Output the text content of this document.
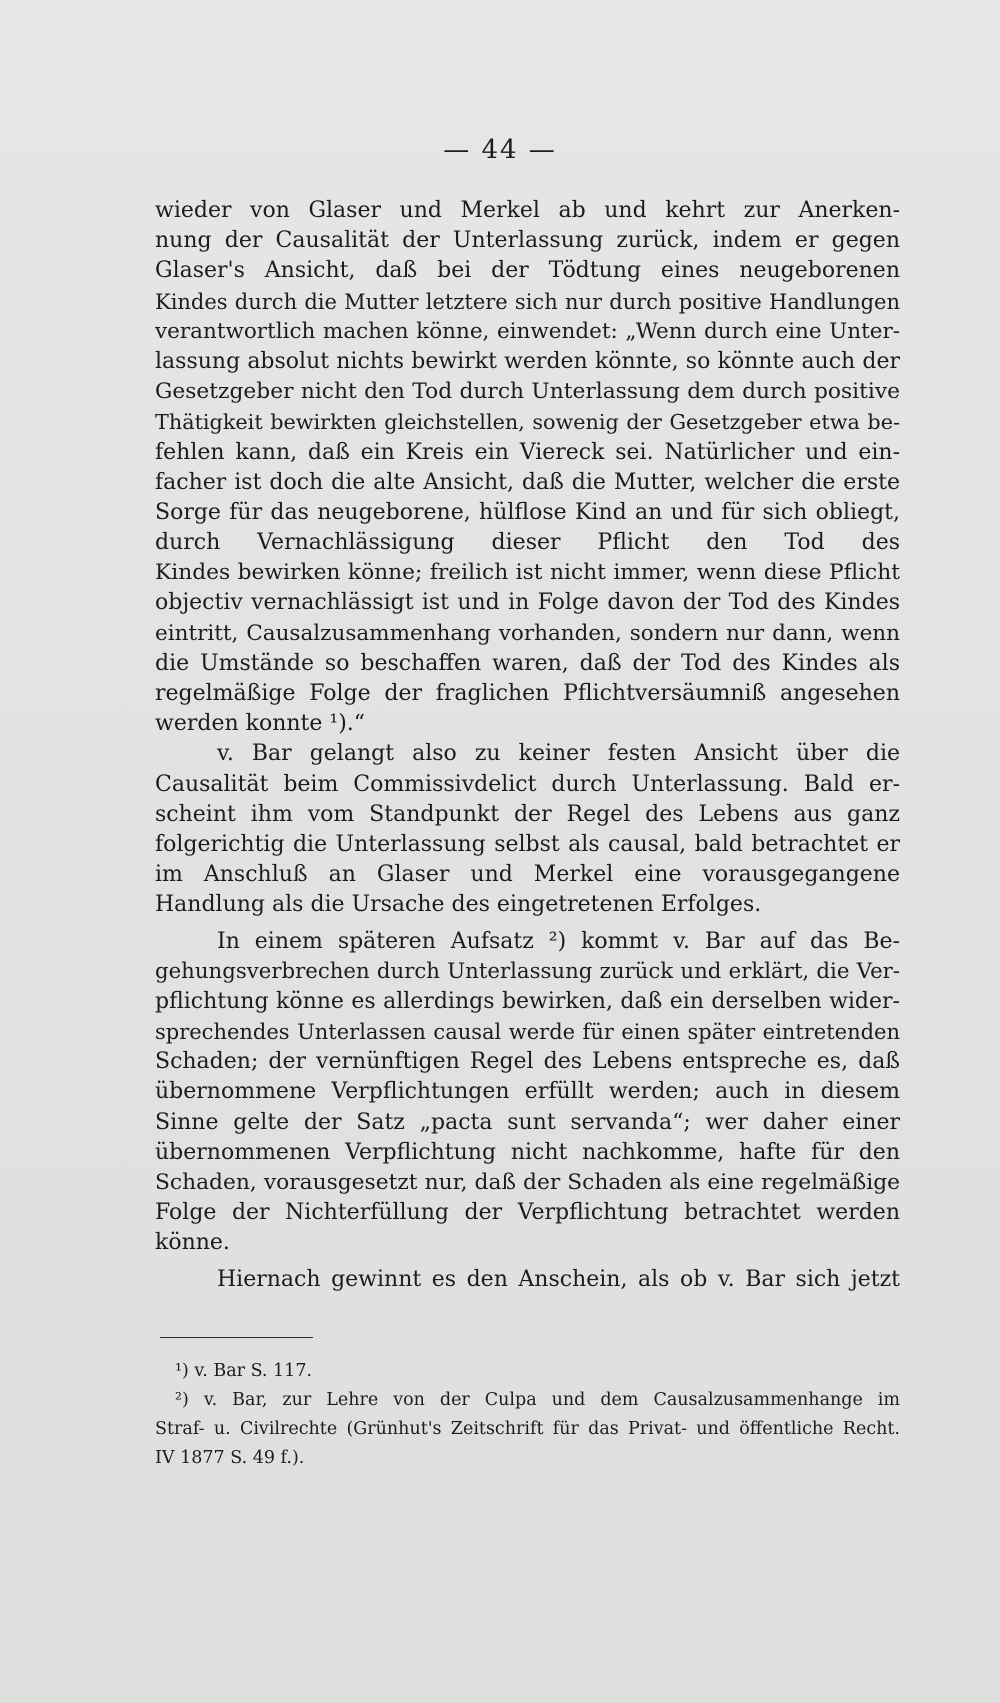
— 44 —
wieder von Glaser und Merkel ab und kehrt zur Anerken-
nung der Causalität der Unterlassung zurück, indem er gegen
Glaser's Ansicht, daß bei der Tödtung eines neugeborenen
Kindes durch die Mutter letztere sich nur durch positive Handlungen
verantwortlich machen könne, einwendet: „Wenn durch eine Unter-
lassung absolut nichts bewirkt werden könnte, so könnte auch der
Gesetzgeber nicht den Tod durch Unterlassung dem durch positive
Thätigkeit bewirkten gleichstellen, sowenig der Gesetzgeber etwa be-
fehlen kann, daß ein Kreis ein Viereck sei. Natürlicher und ein-
facher ist doch die alte Ansicht, daß die Mutter, welcher die erste
Sorge für das neugeborene, hülflose Kind an und für sich obliegt,
durch Vernachlässigung dieser Pflicht den Tod des
Kindes bewirken könne; freilich ist nicht immer, wenn diese Pflicht
objectiv vernachlässigt ist und in Folge davon der Tod des Kindes
eintritt, Causalzusammenhang vorhanden, sondern nur dann, wenn
die Umstände so beschaffen waren, daß der Tod des Kindes als
regelmäßige Folge der fraglichen Pflichtversäumniß angesehen
werden konnte ¹).“
v. Bar gelangt also zu keiner festen Ansicht über die
Causalität beim Commissivdelict durch Unterlassung. Bald er-
scheint ihm vom Standpunkt der Regel des Lebens aus ganz
folgerichtig die Unterlassung selbst als causal, bald betrachtet er
im Anschluß an Glaser und Merkel eine vorausgegangene
Handlung als die Ursache des eingetretenen Erfolges.
In einem späteren Aufsatz ²) kommt v. Bar auf das Be-
gehungsverbrechen durch Unterlassung zurück und erklärt, die Ver-
pflichtung könne es allerdings bewirken, daß ein derselben wider-
sprechendes Unterlassen causal werde für einen später eintretenden
Schaden; der vernünftigen Regel des Lebens entspreche es, daß
übernommene Verpflichtungen erfüllt werden; auch in diesem
Sinne gelte der Satz „pacta sunt servanda“; wer daher einer
übernommenen Verpflichtung nicht nachkomme, hafte für den
Schaden, vorausgesetzt nur, daß der Schaden als eine regelmäßige
Folge der Nichterfüllung der Verpflichtung betrachtet werden
könne.
Hiernach gewinnt es den Anschein, als ob v. Bar sich jetzt
¹) v. Bar S. 117.
²) v. Bar, zur Lehre von der Culpa und dem Causalzusammenhange im
Straf- u. Civilrechte (Grünhut's Zeitschrift für das Privat- und öffentliche Recht.
IV 1877 S. 49 f.).
